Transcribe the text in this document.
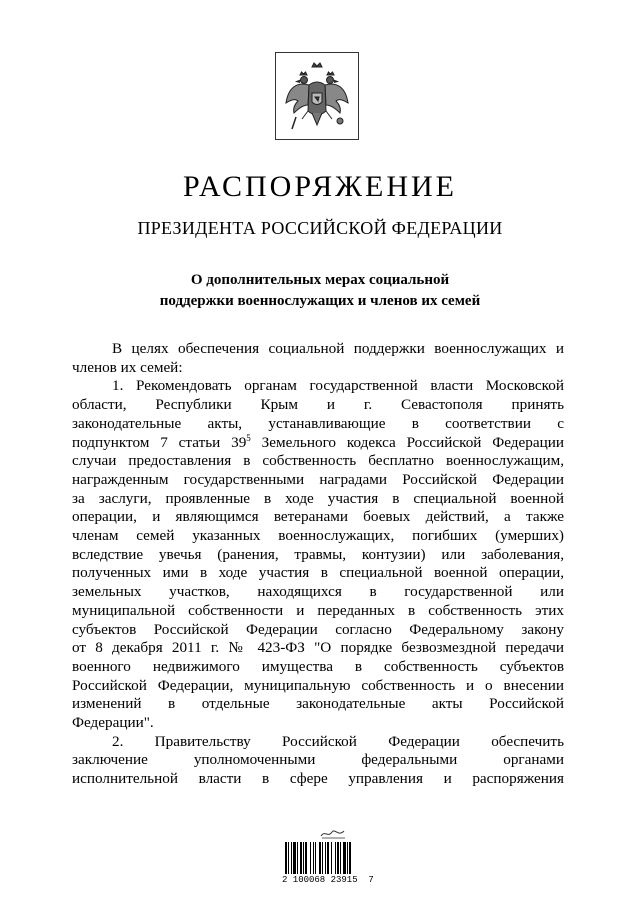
РАСПОРЯЖЕНИЕ
ПРЕЗИДЕНТА РОССИЙСКОЙ ФЕДЕРАЦИИ
О дополнительных мерах социальной
поддержки военнослужащих и членов их семей
В целях обеспечения социальной поддержки военнослужащих и
членов их семей:
1. Рекомендовать органам государственной власти Московской
области, Республики Крым и г. Севастополя принять
законодательные акты, устанавливающие в соответствии с
подпунктом 7 статьи $39^5$ Земельного кодекса Российской Федерации
случаи предоставления в собственность бесплатно военнослужащим,
награжденным государственными наградами Российской Федерации
за заслуги, проявленные в ходе участия в специальной военной
операции, и являющимся ветеранами боевых действий, а также
членам семей указанных военнослужащих, погибших (умерших)
вследствие увечья (ранения, травмы, контузии) или заболевания,
полученных ими в ходе участия в специальной военной операции,
земельных участков, находящихся в государственной или
муниципальной собственности и переданных в собственность этих
субъектов Российской Федерации согласно Федеральному закону
от 8 декабря 2011 г. № 423-ФЗ "О порядке безвозмездной передачи
военного недвижимого имущества в собственность субъектов
Российской Федерации, муниципальную собственность и о внесении
изменений в отдельные законодательные акты Российской
Федерации".
2. Правительству Российской Федерации обеспечить
заключение уполномоченными федеральными органами
исполнительной власти в сфере управления и распоряжения
2 100068 23915  7
